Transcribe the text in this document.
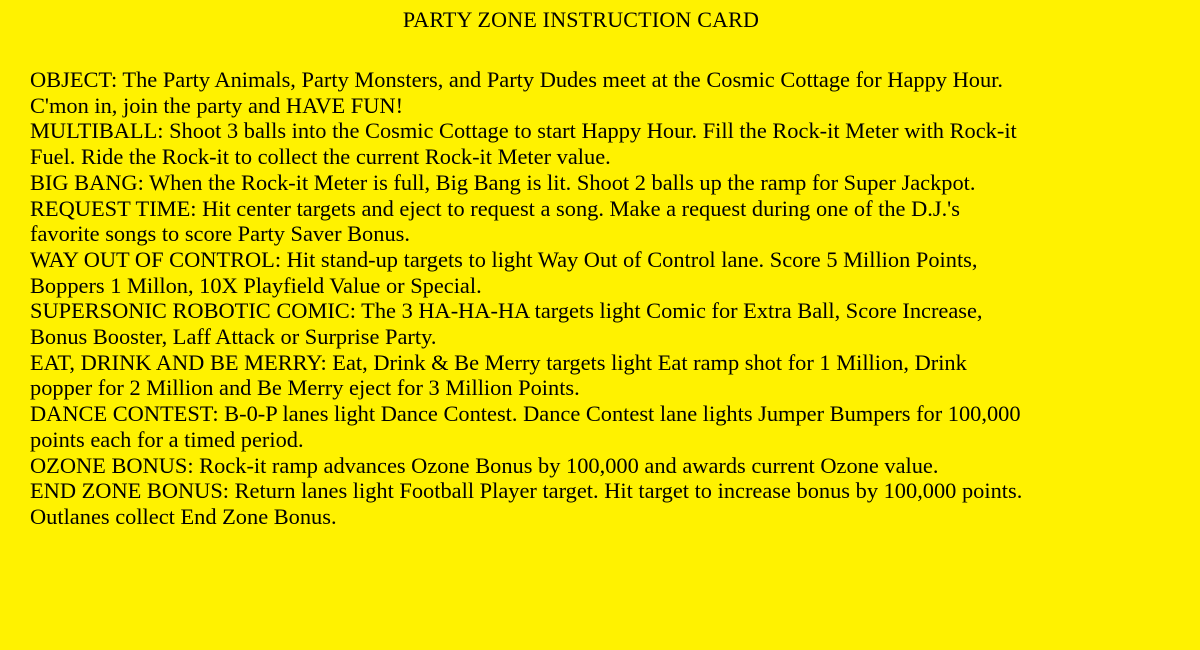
PARTY ZONE INSTRUCTION CARD
OBJECT: The Party Animals, Party Monsters, and Party Dudes meet at the Cosmic Cottage for Happy Hour.
C'mon in, join the party and HAVE FUN!
MULTIBALL: Shoot 3 balls into the Cosmic Cottage to start Happy Hour. Fill the Rock-it Meter with Rock-it
Fuel. Ride the Rock-it to collect the current Rock-it Meter value.
BIG BANG: When the Rock-it Meter is full, Big Bang is lit. Shoot 2 balls up the ramp for Super Jackpot.
REQUEST TIME: Hit center targets and eject to request a song. Make a request during one of the D.J.'s
favorite songs to score Party Saver Bonus.
WAY OUT OF CONTROL: Hit stand-up targets to light Way Out of Control lane. Score 5 Million Points,
Boppers 1 Millon, 10X Playfield Value or Special.
SUPERSONIC ROBOTIC COMIC: The 3 HA-HA-HA targets light Comic for Extra Ball, Score Increase,
Bonus Booster, Laff Attack or Surprise Party.
EAT, DRINK AND BE MERRY: Eat, Drink & Be Merry targets light Eat ramp shot for 1 Million, Drink
popper for 2 Million and Be Merry eject for 3 Million Points.
DANCE CONTEST: B-0-P lanes light Dance Contest. Dance Contest lane lights Jumper Bumpers for 100,000
points each for a timed period.
OZONE BONUS: Rock-it ramp advances Ozone Bonus by 100,000 and awards current Ozone value.
END ZONE BONUS: Return lanes light Football Player target. Hit target to increase bonus by 100,000 points.
Outlanes collect End Zone Bonus.
